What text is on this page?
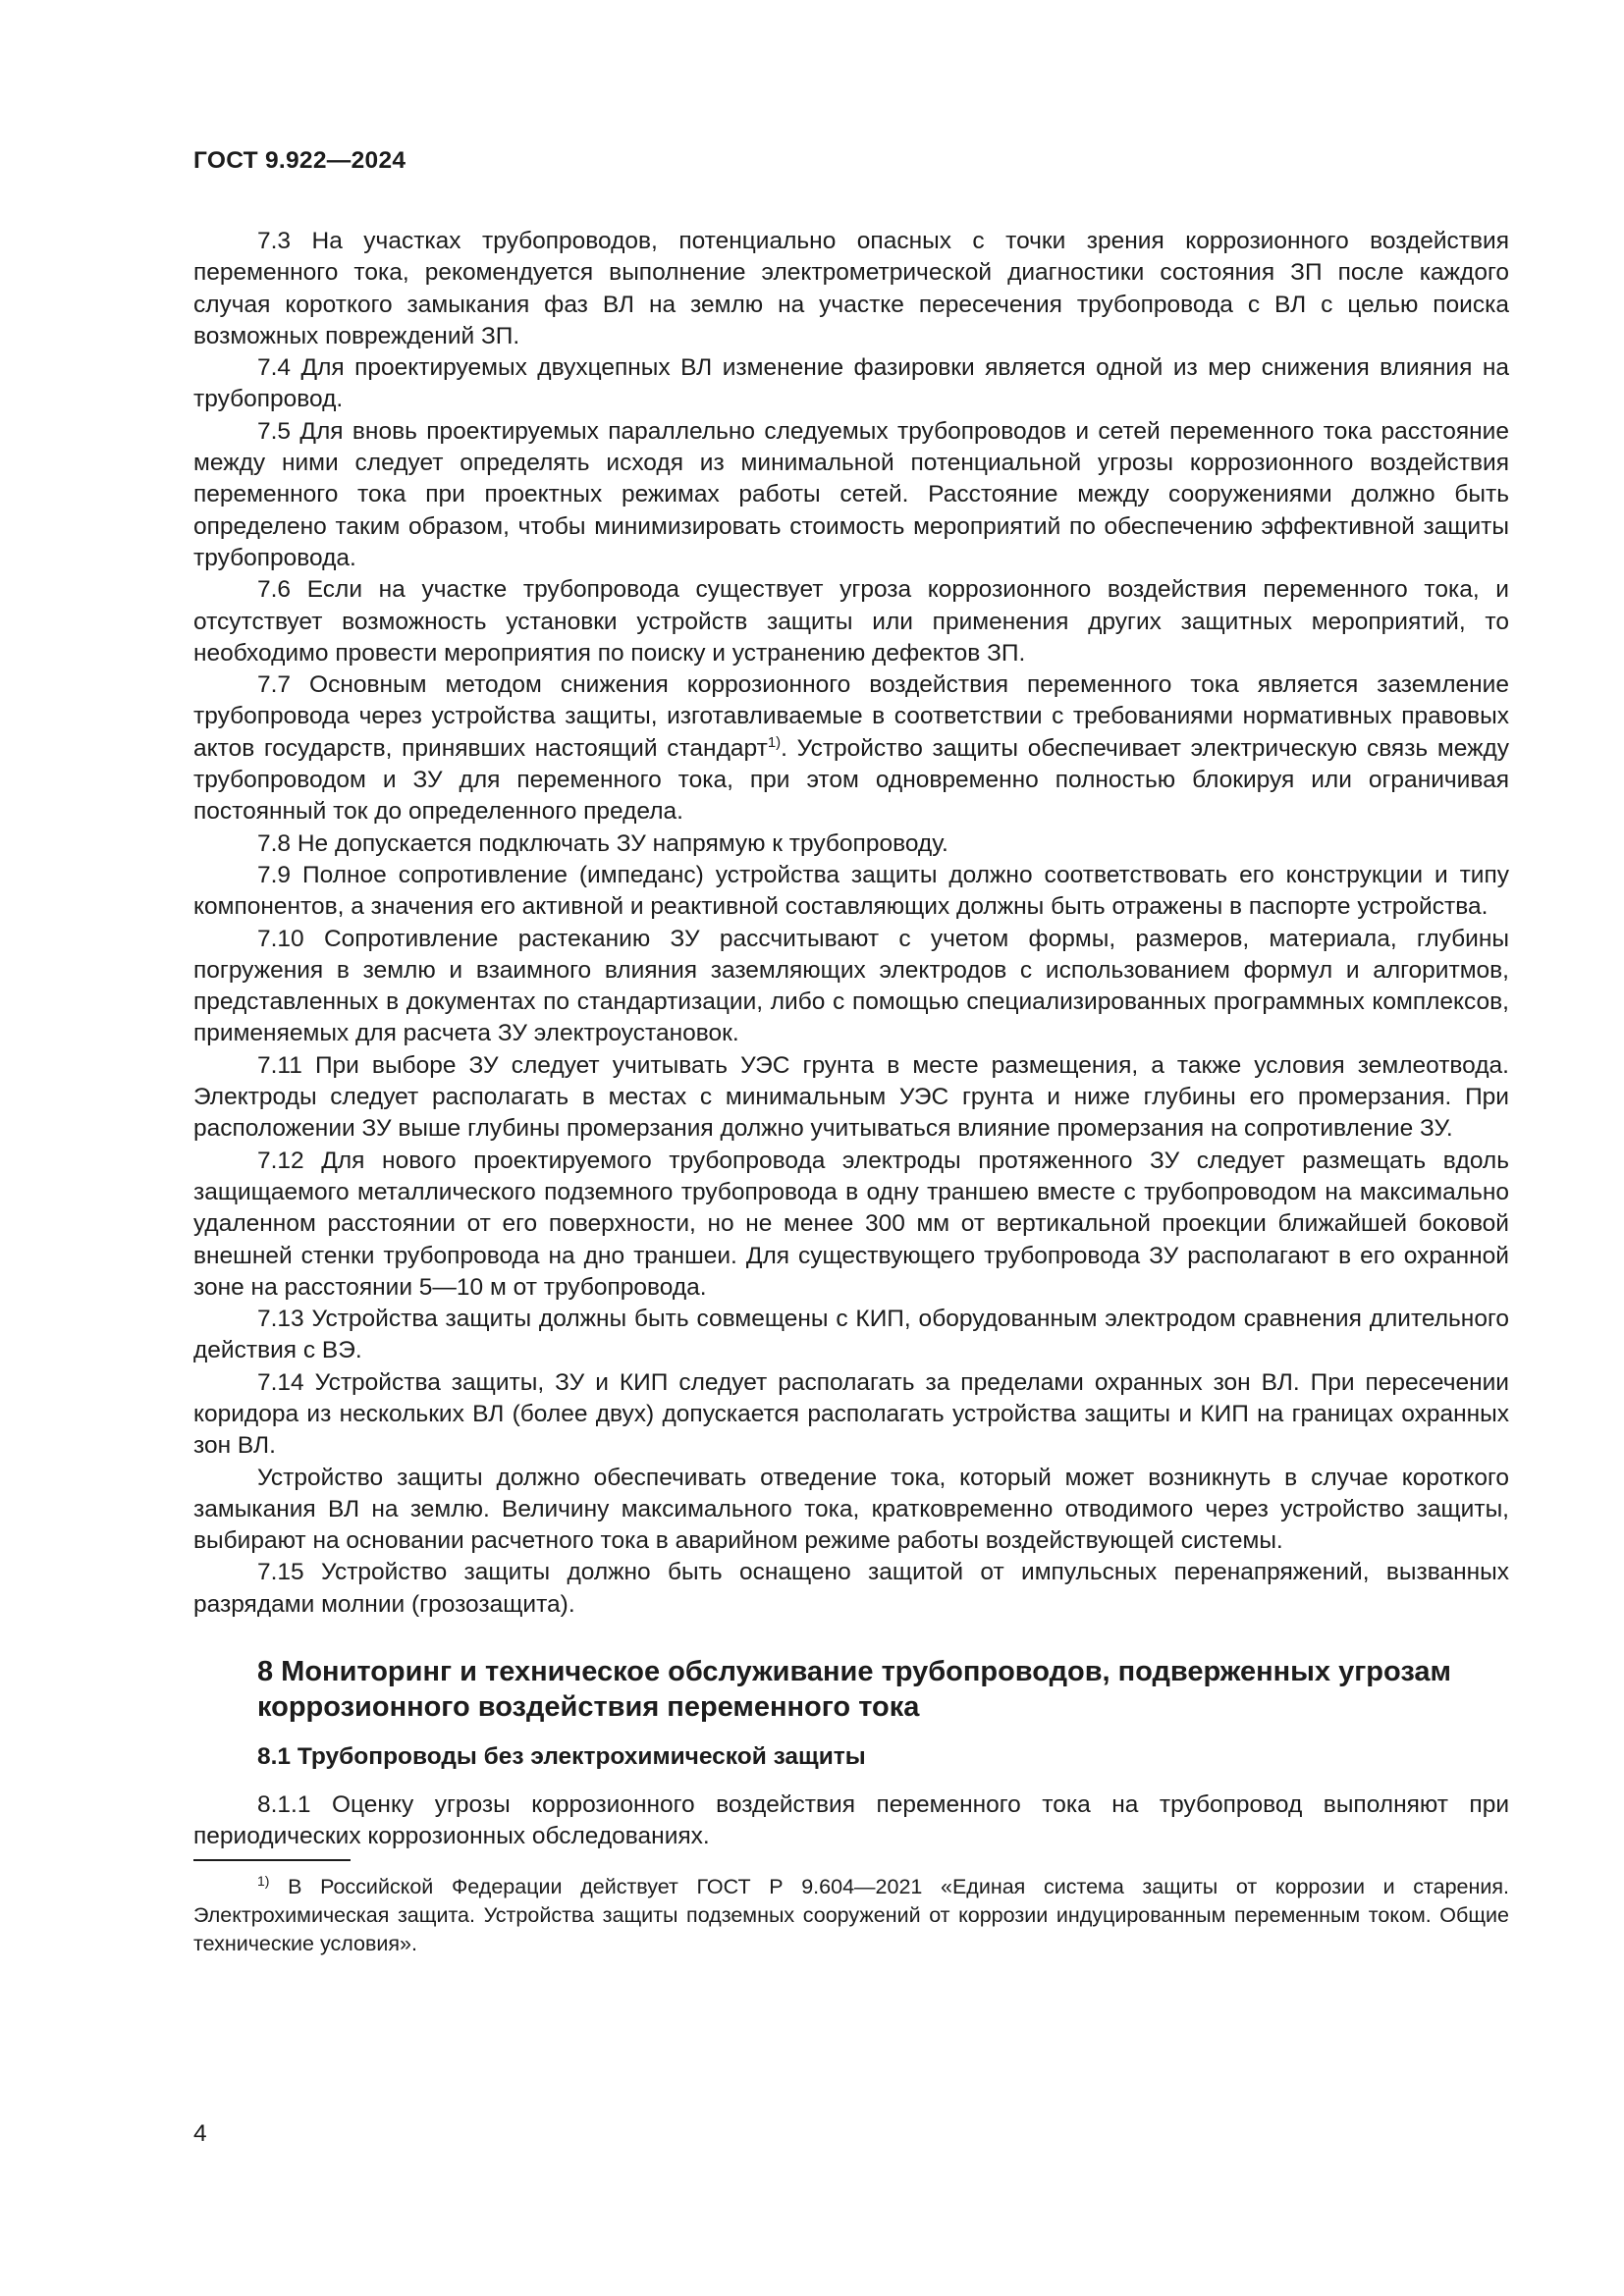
ГОСТ 9.922—2024

7.3 На участках трубопроводов, потенциально опасных с точки зрения коррозионного воздействия переменного тока, рекомендуется выполнение электрометрической диагностики состояния ЗП после каждого случая короткого замыкания фаз ВЛ на землю на участке пересечения трубопровода с ВЛ с целью поиска возможных повреждений ЗП.

7.4 Для проектируемых двухцепных ВЛ изменение фазировки является одной из мер снижения влияния на трубопровод.

7.5 Для вновь проектируемых параллельно следуемых трубопроводов и сетей переменного тока расстояние между ними следует определять исходя из минимальной потенциальной угрозы коррозионного воздействия переменного тока при проектных режимах работы сетей. Расстояние между сооружениями должно быть определено таким образом, чтобы минимизировать стоимость мероприятий по обеспечению эффективной защиты трубопровода.

7.6 Если на участке трубопровода существует угроза коррозионного воздействия переменного тока, и отсутствует возможность установки устройств защиты или применения других защитных мероприятий, то необходимо провести мероприятия по поиску и устранению дефектов ЗП.

7.7 Основным методом снижения коррозионного воздействия переменного тока является заземление трубопровода через устройства защиты, изготавливаемые в соответствии с требованиями нормативных правовых актов государств, принявших настоящий стандарт$^{1)}$. Устройство защиты обеспечивает электрическую связь между трубопроводом и ЗУ для переменного тока, при этом одновременно полностью блокируя или ограничивая постоянный ток до определенного предела.

7.8 Не допускается подключать ЗУ напрямую к трубопроводу.

7.9 Полное сопротивление (импеданс) устройства защиты должно соответствовать его конструкции и типу компонентов, а значения его активной и реактивной составляющих должны быть отражены в паспорте устройства.

7.10 Сопротивление растеканию ЗУ рассчитывают с учетом формы, размеров, материала, глубины погружения в землю и взаимного влияния заземляющих электродов с использованием формул и алгоритмов, представленных в документах по стандартизации, либо с помощью специализированных программных комплексов, применяемых для расчета ЗУ электроустановок.

7.11 При выборе ЗУ следует учитывать УЭС грунта в месте размещения, а также условия землеотвода. Электроды следует располагать в местах с минимальным УЭС грунта и ниже глубины его промерзания. При расположении ЗУ выше глубины промерзания должно учитываться влияние промерзания на сопротивление ЗУ.

7.12 Для нового проектируемого трубопровода электроды протяженного ЗУ следует размещать вдоль защищаемого металлического подземного трубопровода в одну траншею вместе с трубопроводом на максимально удаленном расстоянии от его поверхности, но не менее 300 мм от вертикальной проекции ближайшей боковой внешней стенки трубопровода на дно траншеи. Для существующего трубопровода ЗУ располагают в его охранной зоне на расстоянии 5—10 м от трубопровода.

7.13 Устройства защиты должны быть совмещены с КИП, оборудованным электродом сравнения длительного действия с ВЭ.

7.14 Устройства защиты, ЗУ и КИП следует располагать за пределами охранных зон ВЛ. При пересечении коридора из нескольких ВЛ (более двух) допускается располагать устройства защиты и КИП на границах охранных зон ВЛ.

Устройство защиты должно обеспечивать отведение тока, который может возникнуть в случае короткого замыкания ВЛ на землю. Величину максимального тока, кратковременно отводимого через устройство защиты, выбирают на основании расчетного тока в аварийном режиме работы воздействующей системы.

7.15 Устройство защиты должно быть оснащено защитой от импульсных перенапряжений, вызванных разрядами молнии (грозозащита).

8 Мониторинг и техническое обслуживание трубопроводов, подверженных угрозам коррозионного воздействия переменного тока
8.1 Трубопроводы без электрохимической защиты

8.1.1 Оценку угрозы коррозионного воздействия переменного тока на трубопровод выполняют при периодических коррозионных обследованиях.

$^{1)}$ В Российской Федерации действует ГОСТ Р 9.604—2021 «Единая система защиты от коррозии и старения. Электрохимическая защита. Устройства защиты подземных сооружений от коррозии индуцированным переменным током. Общие технические условия».

4
